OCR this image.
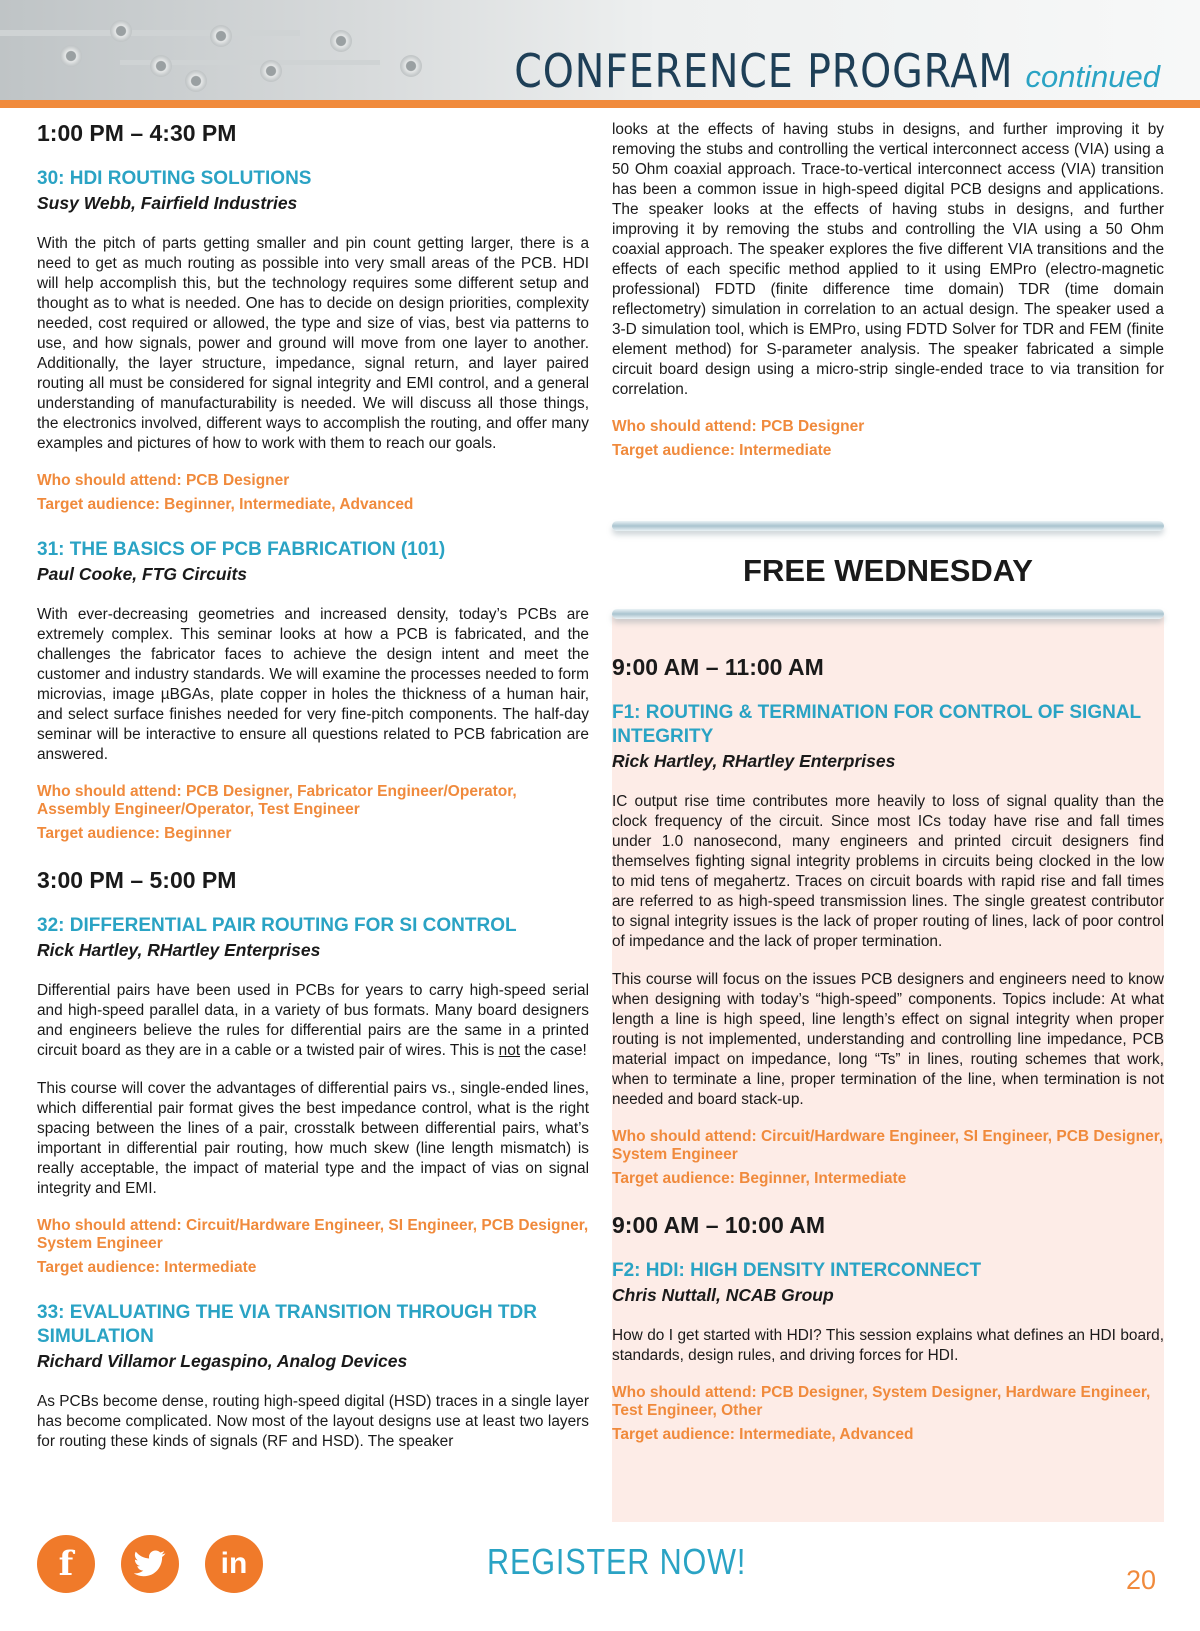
CONFERENCE PROGRAM continued
1:00 PM – 4:30 PM
30: HDI ROUTING SOLUTIONS
Susy Webb, Fairfield Industries

With the pitch of parts getting smaller and pin count getting larger, there is a need to get as much routing as possible into very small areas of the PCB. HDI will help accomplish this, but the technology requires some different setup and thought as to what is needed. One has to decide on design priorities, complexity needed, cost required or allowed, the type and size of vias, best via patterns to use, and how signals, power and ground will move from one layer to another. Additionally, the layer structure, impedance, signal return, and layer paired routing all must be considered for signal integrity and EMI control, and a general understanding of manufacturability is needed. We will discuss all those things, the electronics involved, different ways to accomplish the routing, and offer many examples and pictures of how to work with them to reach our goals.

Who should attend: PCB Designer
Target audience: Beginner, Intermediate, Advanced
31: THE BASICS OF PCB FABRICATION (101)
Paul Cooke, FTG Circuits

With ever-decreasing geometries and increased density, today’s PCBs are extremely complex. This seminar looks at how a PCB is fabricated, and the challenges the fabricator faces to achieve the design intent and meet the customer and industry standards. We will examine the processes needed to form microvias, image µBGAs, plate copper in holes the thickness of a human hair, and select surface finishes needed for very fine-pitch components. The half-day seminar will be interactive to ensure all questions related to PCB fabrication are answered.

Who should attend: PCB Designer, Fabricator Engineer/Operator, Assembly Engineer/Operator, Test Engineer
Target audience: Beginner
3:00 PM – 5:00 PM
32: DIFFERENTIAL PAIR ROUTING FOR SI CONTROL
Rick Hartley, RHartley Enterprises

Differential pairs have been used in PCBs for years to carry high-speed serial and high-speed parallel data, in a variety of bus formats. Many board designers and engineers believe the rules for differential pairs are the same in a printed circuit board as they are in a cable or a twisted pair of wires. This is not the case!

This course will cover the advantages of differential pairs vs., single-ended lines, which differential pair format gives the best impedance control, what is the right spacing between the lines of a pair, crosstalk between differential pairs, what’s important in differential pair routing, how much skew (line length mismatch) is really acceptable, the impact of material type and the impact of vias on signal integrity and EMI.

Who should attend: Circuit/Hardware Engineer, SI Engineer, PCB Designer, System Engineer
Target audience: Intermediate
33: EVALUATING THE VIA TRANSITION THROUGH TDR SIMULATION
Richard Villamor Legaspino, Analog Devices

As PCBs become dense, routing high-speed digital (HSD) traces in a single layer has become complicated. Now most of the layout designs use at least two layers for routing these kinds of signals (RF and HSD). The speaker

FREE WEDNESDAY

looks at the effects of having stubs in designs, and further improving it by removing the stubs and controlling the vertical interconnect access (VIA) using a 50 Ohm coaxial approach. Trace-to-vertical interconnect access (VIA) transition has been a common issue in high-speed digital PCB designs and applications. The speaker looks at the effects of having stubs in designs, and further improving it by removing the stubs and controlling the VIA using a 50 Ohm coaxial approach. The speaker explores the five different VIA transitions and the effects of each specific method applied to it using EMPro (electro-magnetic professional) FDTD (finite difference time domain) TDR (time domain reflectometry) simulation in correlation to an actual design. The speaker used a 3-D simulation tool, which is EMPro, using FDTD Solver for TDR and FEM (finite element method) for S-parameter analysis. The speaker fabricated a simple circuit board design using a micro-strip single-ended trace to via transition for correlation.

Who should attend: PCB Designer
Target audience: Intermediate
9:00 AM – 11:00 AM
F1: ROUTING & TERMINATION FOR CONTROL OF SIGNAL INTEGRITY
Rick Hartley, RHartley Enterprises

IC output rise time contributes more heavily to loss of signal quality than the clock frequency of the circuit. Since most ICs today have rise and fall times under 1.0 nanosecond, many engineers and printed circuit designers find themselves fighting signal integrity problems in circuits being clocked in the low to mid tens of megahertz. Traces on circuit boards with rapid rise and fall times are referred to as high-speed transmission lines. The single greatest contributor to signal integrity issues is the lack of proper routing of lines, lack of poor control of impedance and the lack of proper termination.

This course will focus on the issues PCB designers and engineers need to know when designing with today’s “high-speed” components. Topics include: At what length a line is high speed, line length’s effect on signal integrity when proper routing is not implemented, understanding and controlling line impedance, PCB material impact on impedance, long “Ts” in lines, routing schemes that work, when to terminate a line, proper termination of the line, when termination is not needed and board stack-up.

Who should attend: Circuit/Hardware Engineer, SI Engineer, PCB Designer, System Engineer
Target audience: Beginner, Intermediate
9:00 AM – 10:00 AM
F2: HDI: HIGH DENSITY INTERCONNECT
Chris Nuttall, NCAB Group

How do I get started with HDI? This session explains what defines an HDI board, standards, design rules, and driving forces for HDI.

Who should attend: PCB Designer, System Designer, Hardware Engineer, Test Engineer, Other
Target audience: Intermediate, Advanced
f	in	REGISTER NOW!	20
